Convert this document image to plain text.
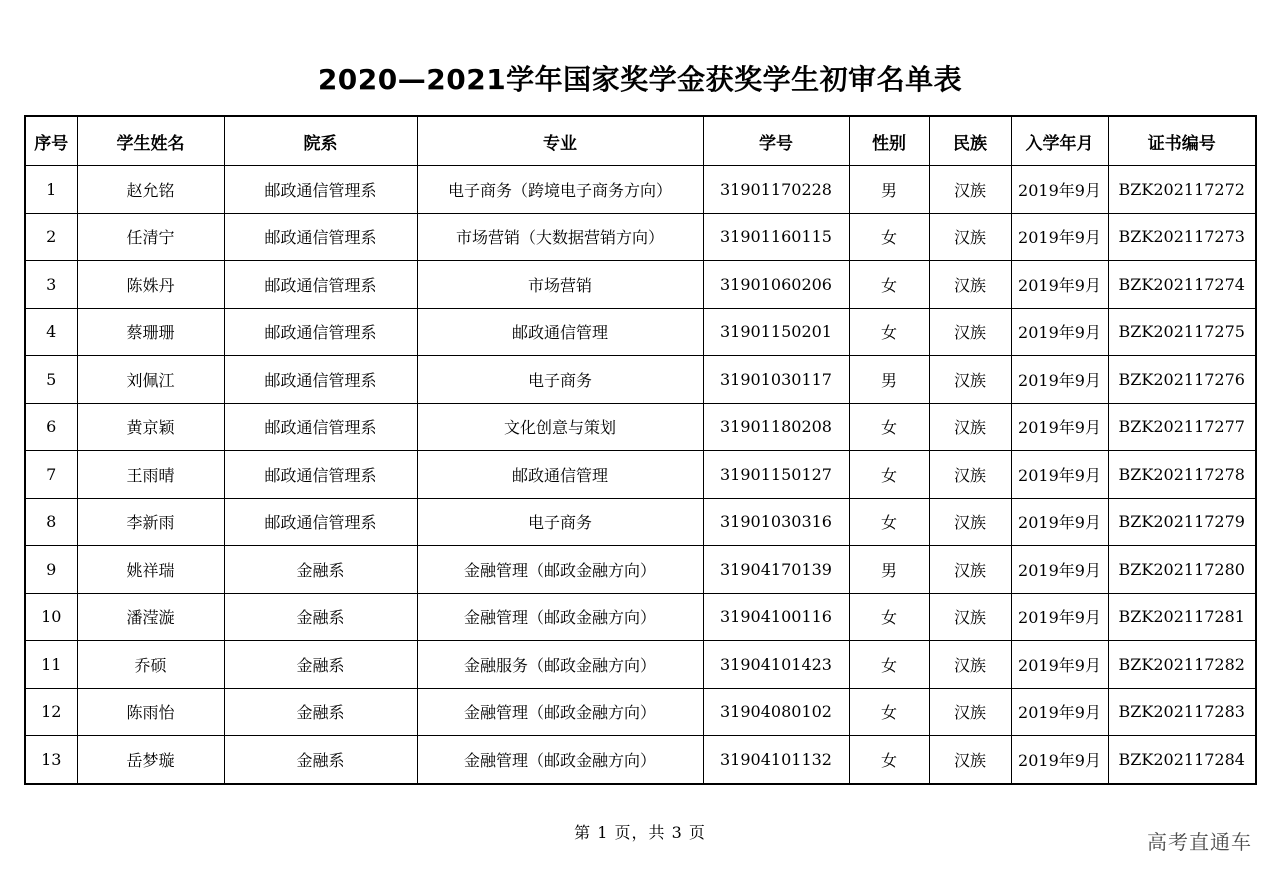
2020—2021学年国家奖学金获奖学生初审名单表
序号	学生姓名	院系	专业	学号	性别	民族	入学年月	证书编号
1	赵允铭	邮政通信管理系	电子商务（跨境电子商务方向）	31901170228	男	汉族	2019年9月	BZK202117272
2	任清宁	邮政通信管理系	市场营销（大数据营销方向）	31901160115	女	汉族	2019年9月	BZK202117273
3	陈姝丹	邮政通信管理系	市场营销	31901060206	女	汉族	2019年9月	BZK202117274
4	蔡珊珊	邮政通信管理系	邮政通信管理	31901150201	女	汉族	2019年9月	BZK202117275
5	刘佩江	邮政通信管理系	电子商务	31901030117	男	汉族	2019年9月	BZK202117276
6	黄京颖	邮政通信管理系	文化创意与策划	31901180208	女	汉族	2019年9月	BZK202117277
7	王雨晴	邮政通信管理系	邮政通信管理	31901150127	女	汉族	2019年9月	BZK202117278
8	李新雨	邮政通信管理系	电子商务	31901030316	女	汉族	2019年9月	BZK202117279
9	姚祥瑞	金融系	金融管理（邮政金融方向）	31904170139	男	汉族	2019年9月	BZK202117280
10	潘滢漩	金融系	金融管理（邮政金融方向）	31904100116	女	汉族	2019年9月	BZK202117281
11	乔硕	金融系	金融服务（邮政金融方向）	31904101423	女	汉族	2019年9月	BZK202117282
12	陈雨怡	金融系	金融管理（邮政金融方向）	31904080102	女	汉族	2019年9月	BZK202117283
13	岳梦璇	金融系	金融管理（邮政金融方向）	31904101132	女	汉族	2019年9月	BZK202117284
第 1 页，共 3 页	高考直通车
